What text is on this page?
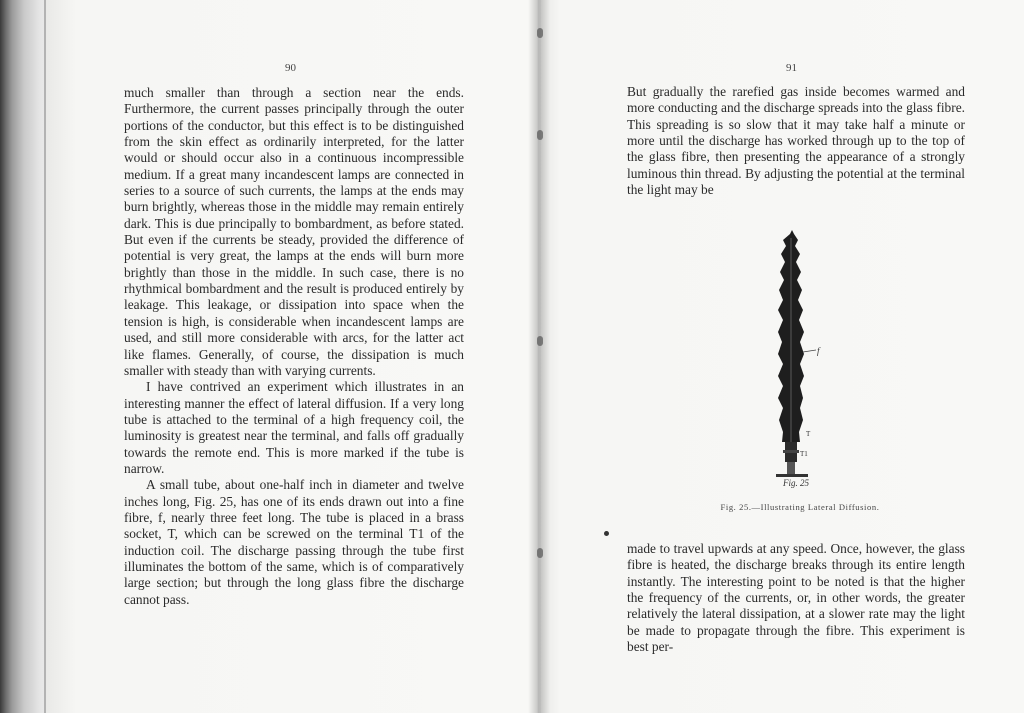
90

much smaller than through a section near the ends. Furthermore, the current passes principally through the outer portions of the conductor, but this effect is to be distinguished from the skin effect as ordinarily interpreted, for the latter would or should occur also in a continuous incompressible medium. If a great many incandescent lamps are connected in series to a source of such currents, the lamps at the ends may burn brightly, whereas those in the middle may remain entirely dark. This is due principally to bombardment, as before stated. But even if the currents be steady, provided the difference of potential is very great, the lamps at the ends will burn more brightly than those in the middle. In such case, there is no rhythmical bombardment and the result is produced entirely by leakage. This leakage, or dissipation into space when the tension is high, is considerable when incandescent lamps are used, and still more considerable with arcs, for the latter act like flames. Generally, of course, the dissipation is much smaller with steady than with varying currents.

I have contrived an experiment which illustrates in an interesting manner the effect of lateral diffusion. If a very long tube is attached to the terminal of a high frequency coil, the luminosity is greatest near the terminal, and falls off gradually towards the remote end. This is more marked if the tube is narrow.

A small tube, about one-half inch in diameter and twelve inches long, Fig. 25, has one of its ends drawn out into a fine fibre, f, nearly three feet long. The tube is placed in a brass socket, T, which can be screwed on the terminal T1 of the induction coil. The discharge passing through the tube first illuminates the bottom of the same, which is of comparatively large section; but through the long glass fibre the discharge cannot pass.

91

But gradually the rarefied gas inside becomes warmed and more conducting and the discharge spreads into the glass fibre. This spreading is so slow that it may take half a minute or more until the discharge has worked through up to the top of the glass fibre, then presenting the appearance of a strongly luminous thin thread. By adjusting the potential at the terminal the light may be

f
T
T1
Fig. 25
Fig. 25.—Illustrating Lateral Diffusion.

made to travel upwards at any speed. Once, however, the glass fibre is heated, the discharge breaks through its entire length instantly. The interesting point to be noted is that the higher the frequency of the currents, or, in other words, the greater relatively the lateral dissipation, at a slower rate may the light be made to propagate through the fibre. This experiment is best per-
